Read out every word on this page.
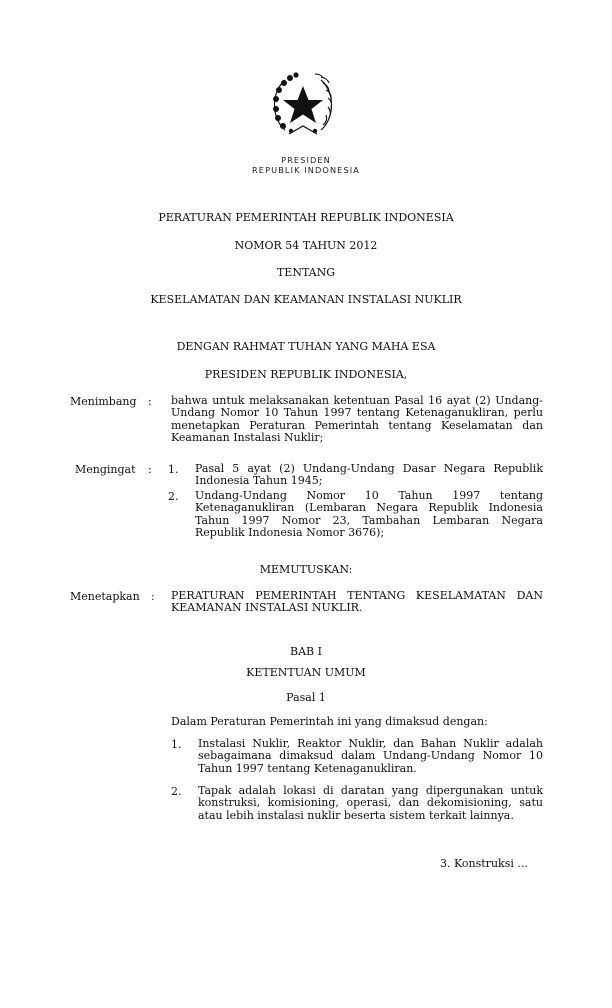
PRESIDEN
REPUBLIK INDONESIA
PERATURAN PEMERINTAH REPUBLIK INDONESIA
NOMOR 54 TAHUN 2012
TENTANG
KESELAMATAN DAN KEAMANAN INSTALASI NUKLIR
DENGAN RAHMAT TUHAN YANG MAHA ESA
PRESIDEN REPUBLIK INDONESIA,
Menimbang : bahwa untuk melaksanakan ketentuan Pasal 16 ayat (2) Undang-Undang Nomor 10 Tahun 1997 tentang Ketenaganukliran, perlu menetapkan Peraturan Pemerintah tentang Keselamatan dan Keamanan Instalasi Nuklir;
Mengingat : 1. Pasal 5 ayat (2) Undang-Undang Dasar Negara Republik Indonesia Tahun 1945;
2. Undang-Undang Nomor 10 Tahun 1997 tentang Ketenaganukliran (Lembaran Negara Republik Indonesia Tahun 1997 Nomor 23, Tambahan Lembaran Negara Republik Indonesia Nomor 3676);
MEMUTUSKAN:
Menetapkan : PERATURAN PEMERINTAH TENTANG KESELAMATAN DAN KEAMANAN INSTALASI NUKLIR.
BAB I
KETENTUAN UMUM
Pasal 1
Dalam Peraturan Pemerintah ini yang dimaksud dengan:
1. Instalasi Nuklir, Reaktor Nuklir, dan Bahan Nuklir adalah sebagaimana dimaksud dalam Undang-Undang Nomor 10 Tahun 1997 tentang Ketenaganukliran.
2. Tapak adalah lokasi di daratan yang dipergunakan untuk konstruksi, komisioning, operasi, dan dekomisioning, satu atau lebih instalasi nuklir beserta sistem terkait lainnya.
3. Konstruksi ...
